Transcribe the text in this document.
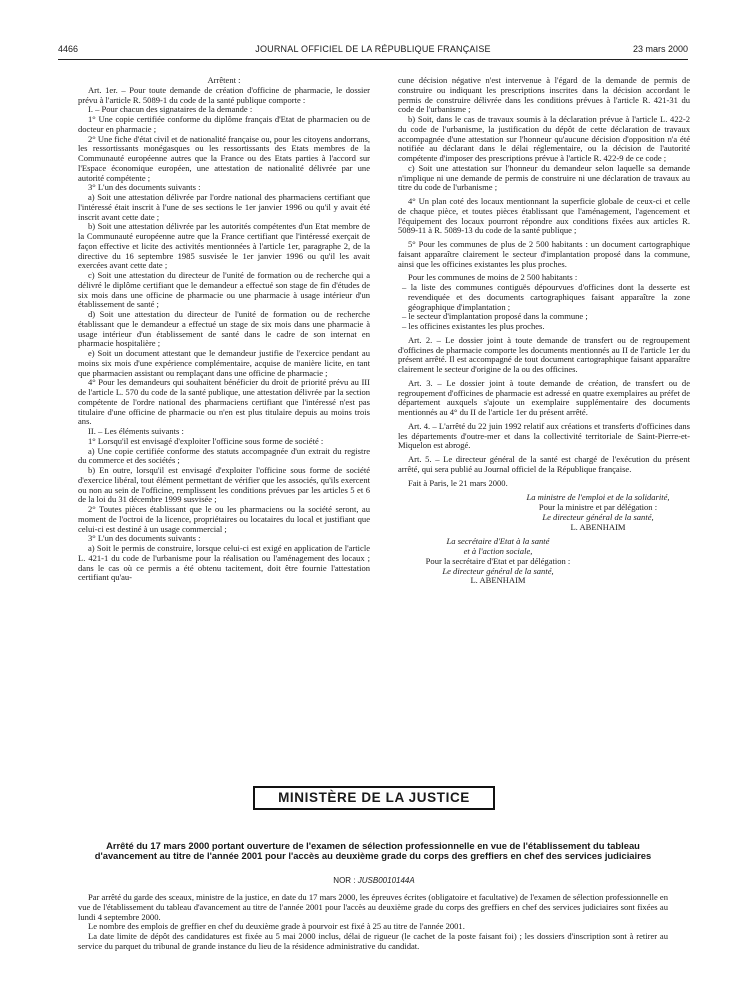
4466	JOURNAL OFFICIEL DE LA RÉPUBLIQUE FRANÇAISE	23 mars 2000

Arrêtent :

Art. 1er. – Pour toute demande de création d'officine de pharmacie, le dossier prévu à l'article R. 5089-1 du code de la santé publique comporte :

I. – Pour chacun des signataires de la demande :

1° Une copie certifiée conforme du diplôme français d'Etat de pharmacien ou de docteur en pharmacie ;

2° Une fiche d'état civil et de nationalité française ou, pour les citoyens andorrans, les ressortissants monégasques ou les ressortissants des Etats membres de la Communauté européenne autres que la France ou des Etats parties à l'accord sur l'Espace économique européen, une attestation de nationalité délivrée par une autorité compétente ;

3° L'un des documents suivants :

a) Soit une attestation délivrée par l'ordre national des pharmaciens certifiant que l'intéressé était inscrit à l'une de ses sections le 1er janvier 1996 ou qu'il y avait été inscrit avant cette date ;

b) Soit une attestation délivrée par les autorités compétentes d'un Etat membre de la Communauté européenne autre que la France certifiant que l'intéressé exerçait de façon effective et licite des activités mentionnées à l'article 1er, paragraphe 2, de la directive du 16 septembre 1985 susvisée le 1er janvier 1996 ou qu'il les avait exercées avant cette date ;

c) Soit une attestation du directeur de l'unité de formation ou de recherche qui a délivré le diplôme certifiant que le demandeur a effectué son stage de fin d'études de six mois dans une officine de pharmacie ou une pharmacie à usage intérieur d'un établissement de santé ;

d) Soit une attestation du directeur de l'unité de formation ou de recherche établissant que le demandeur a effectué un stage de six mois dans une pharmacie à usage intérieur d'un établissement de santé dans le cadre de son internat en pharmacie hospitalière ;

e) Soit un document attestant que le demandeur justifie de l'exercice pendant au moins six mois d'une expérience complémentaire, acquise de manière licite, en tant que pharmacien assistant ou remplaçant dans une officine de pharmacie ;

4° Pour les demandeurs qui souhaitent bénéficier du droit de priorité prévu au III de l'article L. 570 du code de la santé publique, une attestation délivrée par la section compétente de l'ordre national des pharmaciens certifiant que l'intéressé n'est pas titulaire d'une officine de pharmacie ou n'en est plus titulaire depuis au moins trois ans.

II. – Les éléments suivants :

1° Lorsqu'il est envisagé d'exploiter l'officine sous forme de société :

a) Une copie certifiée conforme des statuts accompagnée d'un extrait du registre du commerce et des sociétés ;

b) En outre, lorsqu'il est envisagé d'exploiter l'officine sous forme de société d'exercice libéral, tout élément permettant de vérifier que les associés, qu'ils exercent ou non au sein de l'officine, remplissent les conditions prévues par les articles 5 et 6 de la loi du 31 décembre 1999 susvisée ;

2° Toutes pièces établissant que le ou les pharmaciens ou la société seront, au moment de l'octroi de la licence, propriétaires ou locataires du local et justifiant que celui-ci est destiné à un usage commercial ;

3° L'un des documents suivants :

a) Soit le permis de construire, lorsque celui-ci est exigé en application de l'article L. 421-1 du code de l'urbanisme pour la réalisation ou l'aménagement des locaux ; dans le cas où ce permis a été obtenu tacitement, doit être fournie l'attestation certifiant qu'au-

cune décision négative n'est intervenue à l'égard de la demande de permis de construire ou indiquant les prescriptions inscrites dans la décision accordant le permis de construire délivrée dans les conditions prévues à l'article R. 421-31 du code de l'urbanisme ;

b) Soit, dans le cas de travaux soumis à la déclaration prévue à l'article L. 422-2 du code de l'urbanisme, la justification du dépôt de cette déclaration de travaux accompagnée d'une attestation sur l'honneur qu'aucune décision d'opposition n'a été notifiée au déclarant dans le délai réglementaire, ou la décision de l'autorité compétente d'imposer des prescriptions prévue à l'article R. 422-9 de ce code ;

c) Soit une attestation sur l'honneur du demandeur selon laquelle sa demande n'implique ni une demande de permis de construire ni une déclaration de travaux au titre du code de l'urbanisme ;

4° Un plan coté des locaux mentionnant la superficie globale de ceux-ci et celle de chaque pièce, et toutes pièces établissant que l'aménagement, l'agencement et l'équipement des locaux pourront répondre aux conditions fixées aux articles R. 5089-11 à R. 5089-13 du code de la santé publique ;

5° Pour les communes de plus de 2 500 habitants : un document cartographique faisant apparaître clairement le secteur d'implantation proposé dans la commune, ainsi que les officines existantes les plus proches.

Pour les communes de moins de 2 500 habitants :

– la liste des communes contiguës dépourvues d'officines dont la desserte est revendiquée et des documents cartographiques faisant apparaître la zone géographique d'implantation ;

– le secteur d'implantation proposé dans la commune ;

– les officines existantes les plus proches.

Art. 2. – Le dossier joint à toute demande de transfert ou de regroupement d'officines de pharmacie comporte les documents mentionnés au II de l'article 1er du présent arrêté. Il est accompagné de tout document cartographique faisant apparaître clairement le secteur d'origine de la ou des officines.

Art. 3. – Le dossier joint à toute demande de création, de transfert ou de regroupement d'officines de pharmacie est adressé en quatre exemplaires au préfet de département auxquels s'ajoute un exemplaire supplémentaire des documents mentionnés au 4° du II de l'article 1er du présent arrêté.

Art. 4. – L'arrêté du 22 juin 1992 relatif aux créations et transferts d'officines dans les départements d'outre-mer et dans la collectivité territoriale de Saint-Pierre-et-Miquelon est abrogé.

Art. 5. – Le directeur général de la santé est chargé de l'exécution du présent arrêté, qui sera publié au Journal officiel de la République française.

Fait à Paris, le 21 mars 2000.

La ministre de l'emploi et de la solidarité,

Pour la ministre et par délégation :

Le directeur général de la santé,

L. ABENHAIM

La secrétaire d'Etat à la santé

et à l'action sociale,

Pour la secrétaire d'Etat et par délégation :

Le directeur général de la santé,

L. ABENHAIM

MINISTÈRE DE LA JUSTICE
Arrêté du 17 mars 2000 portant ouverture de l'examen de sélection professionnelle en vue de l'établissement du tableau d'avancement au titre de l'année 2001 pour l'accès au deuxième grade du corps des greffiers en chef des services judiciaires
NOR : JUSB0010144A

Par arrêté du garde des sceaux, ministre de la justice, en date du 17 mars 2000, les épreuves écrites (obligatoire et facultative) de l'examen de sélection professionnelle en vue de l'établissement du tableau d'avancement au titre de l'année 2001 pour l'accès au deuxième grade du corps des greffiers en chef des services judiciaires sont fixées au lundi 4 septembre 2000.

Le nombre des emplois de greffier en chef du deuxième grade à pourvoir est fixé à 25 au titre de l'année 2001.

La date limite de dépôt des candidatures est fixée au 5 mai 2000 inclus, délai de rigueur (le cachet de la poste faisant foi) ; les dossiers d'inscription sont à retirer au service du parquet du tribunal de grande instance du lieu de la résidence administrative du candidat.
